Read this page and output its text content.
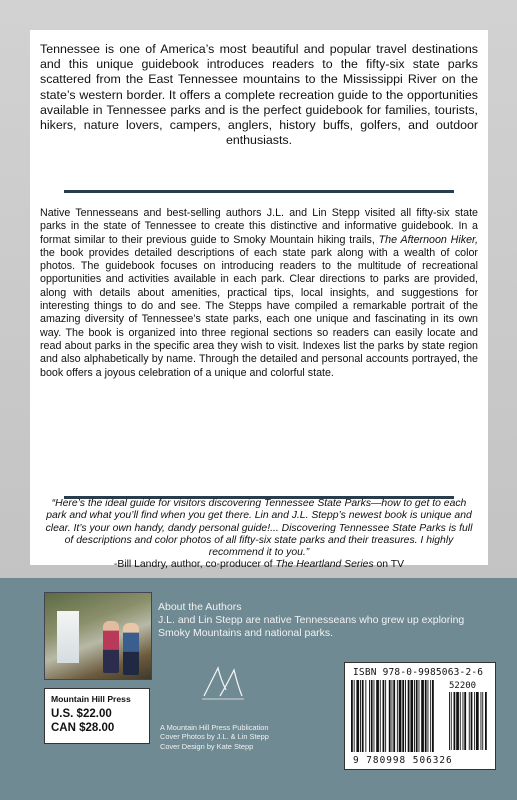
Tennessee is one of America’s most beautiful and popular travel destinations and this unique guidebook introduces readers to the fifty-six state parks scattered from the East Tennessee mountains to the Mississippi River on the state’s western border. It offers a complete recreation guide to the opportunities available in Tennessee parks and is the perfect guidebook for families, tourists, hikers, nature lovers, campers, anglers, history buffs, golfers, and outdoor enthusiasts.

Native Tennesseans and best-selling authors J.L. and Lin Stepp visited all fifty-six state parks in the state of Tennessee to create this distinctive and informative guidebook. In a format similar to their previous guide to Smoky Mountain hiking trails, The Afternoon Hiker, the book provides detailed descriptions of each state park along with a wealth of color photos. The guidebook focuses on introducing readers to the multitude of recreational opportunities and activities available in each park. Clear directions to parks are provided, along with details about amenities, practical tips, local insights, and suggestions for interesting things to do and see. The Stepps have compiled a remarkable portrait of the amazing diversity of Tennessee’s state parks, each one unique and fascinating in its own way. The book is organized into three regional sections so readers can easily locate and read about parks in the specific area they wish to visit. Indexes list the parks by state region and also alphabetically by name. Through the detailed and personal accounts portrayed, the book offers a joyous celebration of a unique and colorful state.

“Here’s the ideal guide for visitors discovering Tennessee State Parks—how to get to each park and what you’ll find when you get there. Lin and J.L. Stepp’s newest book is unique and clear. It’s your own handy, dandy personal guide!... Discovering Tennessee State Parks is full of descriptions and color photos of all fifty-six state parks and their treasures. I highly recommend it to you.”
-Bill Landry, author, co-producer of The Heartland Series on TV

About the Authors
J.L. and Lin Stepp are native Tennesseans who grew up exploring Smoky Mountains and national parks.
A Mountain Hill Press Publication
Cover Photos by J.L. & Lin Stepp
Cover Design by Kate Stepp
Mountain Hill Press
U.S. $22.00
CAN $28.00
ISBN 978-0-9985063-2-6
52200
9 780998 506326
